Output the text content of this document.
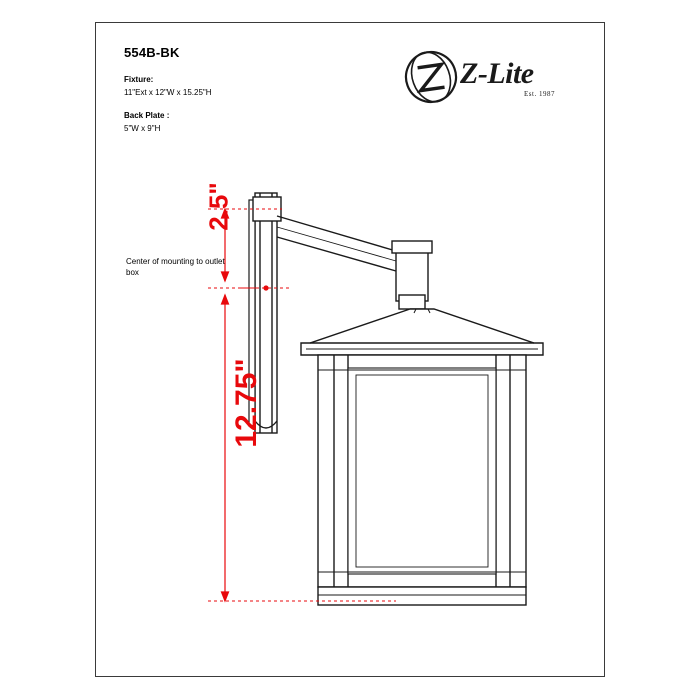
554B-BK

Fixture:

11"Ext x 12"W x 15.25"H

Back Plate :

5"W x 9"H

Z-Lite
Est. 1987
2.5"
12.75"
Center of mounting to outlet box
